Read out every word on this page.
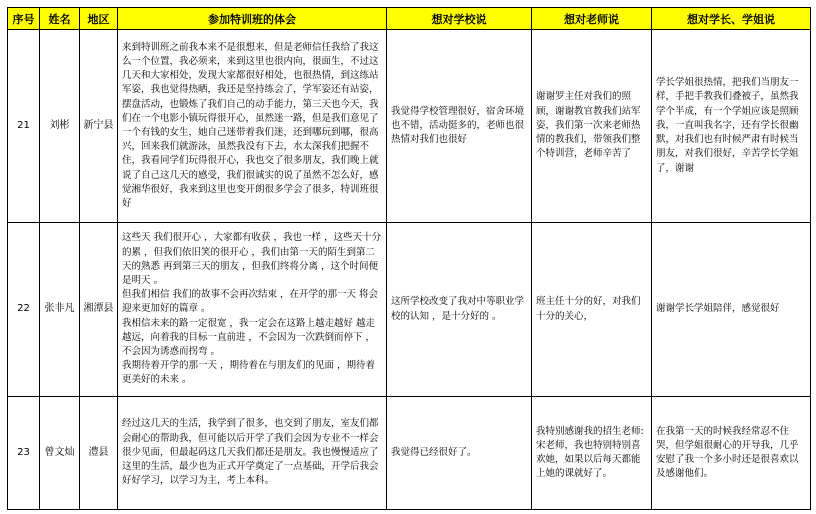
序号	姓名	地区	参加特训班的体会	想对学校说	想对老师说	想对学长、学姐说
21	刘彬	新宁县	来到特训班之前我本来不是很想来，但是老师信任我给了我这么一个位置，我必须来，来到这里也很内向，很面生，不过这几天和大家相处，发现大家都很好相处，也很热情，到这练站军姿，我也觉得热晒，我还是坚持练会了，学军姿还有站姿，摆盘活动，也锻炼了我们自己的动手能力，第三天也今天，我们在一个电影小镇玩得很开心，虽然迷一路，但是我们意见了一个有钱的女生，她自己迷带着我们迷，还到哪玩到哪，很高兴，回来我们就游泳，虽然我没有下去，水太深我们把握不住，我看同学们玩得很开心，我也交了很多朋友，我们晚上就说了自己这几天的感受，我们很诚实的说了虽然不怎么好，感觉湘华很好，我来到这里也变开朗很多学会了很多，特训班很好	我觉得学校管理很好，宿舍环境也不错，活动挺多的，老师也很热情对我们也很好	谢谢罗主任对我们的照顾，谢谢教官教我们站军姿，我们第一次来老师热情的教我们，带领我们整个特训营，老师辛苦了	学长学姐很热情，把我们当朋友一样，手把手教我们叠被子，虽然我学个半成，有一个学姐应该是照顾我，一直叫我名字，还有学长很幽默，对我们也有时候严肃有时候当朋友，对我们很好，辛苦学长学姐了，谢谢
22	张非凡	湘潭县	这些天 我们很开心 ，大家都有收获 ，我也一样 ，这些天十分的累 ，但我们依旧笑的很开心 ，我们由第一天的陌生到第二天的熟悉 再到第三天的朋友 ，但我们终将分离 ，这个时间便是明天 。
但我们相信 我们的故事不会再次结束 ，在开学的那一天 将会迎来更加好的篇章 。
我相信未来的路一定很宽 ，我一定会在这路上越走越好 越走越远，向着我的目标一直前进 ，不会因为一次跌倒而停下 ，不会因为诱惑而拐弯 。
我期待着开学的那一天 ，期待着在与朋友们的见面 ，期待着更美好的未来 。	这所学校改变了我对中等职业学校的认知 ，是十分好的 。	班主任十分的好，对我们十分的关心，	谢谢学长学姐陪伴，感觉很好
23	曾文灿	澧县	经过这几天的生活，我学到了很多，也交到了朋友，室友们都会耐心的帮助我，但可能以后开学了我们会因为专业不一样会很少见面，但最起码这几天我们都还是朋友。我也慢慢适应了这里的生活，最少也为正式开学奠定了一点基础，开学后我会好好学习，以学习为主，考上本科。	我觉得已经很好了。	我特别感谢我的招生老师:宋老师，我也特别特别喜欢她，如果以后每天都能上她的课就好了。	在我第一天的时候我经常忍不住哭，但学姐很耐心的开导我，几乎安慰了我一个多小时还是很喜欢以及感谢他们。
